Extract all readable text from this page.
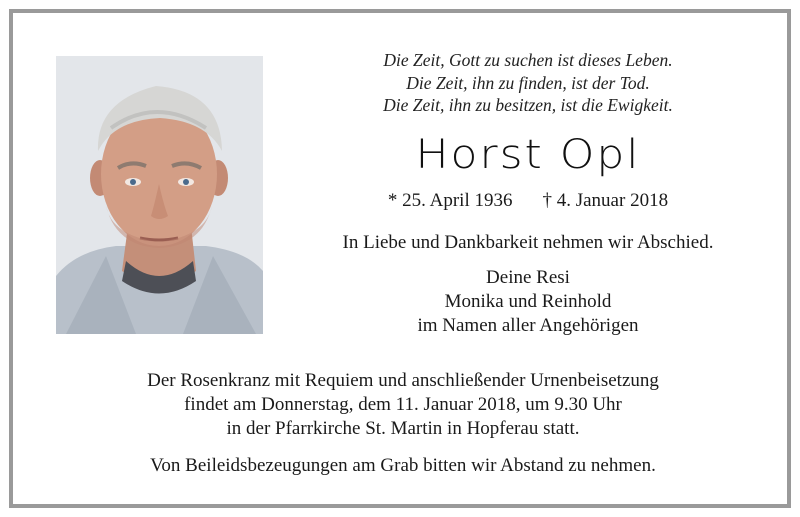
Die Zeit, Gott zu suchen ist dieses Leben.
Die Zeit, ihn zu finden, ist der Tod.
Die Zeit, ihn zu besitzen, ist die Ewigkeit.
Horst Opl
* 25. April 1936 † 4. Januar 2018
In Liebe und Dankbarkeit nehmen wir Abschied.
Deine Resi
Monika und Reinhold
im Namen aller Angehörigen
Der Rosenkranz mit Requiem und anschließender Urnenbeisetzung
findet am Donnerstag, dem 11. Januar 2018, um 9.30 Uhr
in der Pfarrkirche St. Martin in Hopferau statt.
Von Beileidsbezeugungen am Grab bitten wir Abstand zu nehmen.
